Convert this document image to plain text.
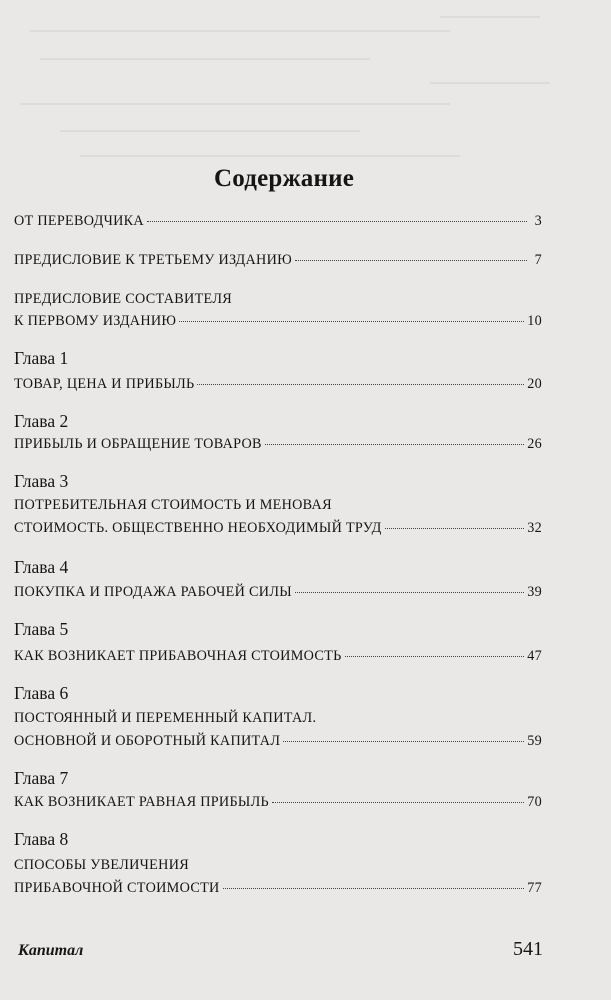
Содержание
ОТ ПЕРЕВОДЧИКА	3
ПРЕДИСЛОВИЕ К ТРЕТЬЕМУ ИЗДАНИЮ	7
ПРЕДИСЛОВИЕ СОСТАВИТЕЛЯ
К ПЕРВОМУ ИЗДАНИЮ	10
Глава 1
ТОВАР, ЦЕНА И ПРИБЫЛЬ	20
Глава 2
ПРИБЫЛЬ И ОБРАЩЕНИЕ ТОВАРОВ	26
Глава 3
ПОТРЕБИТЕЛЬНАЯ СТОИМОСТЬ И МЕНОВАЯ
СТОИМОСТЬ. ОБЩЕСТВЕННО НЕОБХОДИМЫЙ ТРУД	32
Глава 4
ПОКУПКА И ПРОДАЖА РАБОЧЕЙ СИЛЫ	39
Глава 5
КАК ВОЗНИКАЕТ ПРИБАВОЧНАЯ СТОИМОСТЬ	47
Глава 6
ПОСТОЯННЫЙ И ПЕРЕМЕННЫЙ КАПИТАЛ.
ОСНОВНОЙ И ОБОРОТНЫЙ КАПИТАЛ	59
Глава 7
КАК ВОЗНИКАЕТ РАВНАЯ ПРИБЫЛЬ	70
Глава 8
СПОСОБЫ УВЕЛИЧЕНИЯ
ПРИБАВОЧНОЙ СТОИМОСТИ	77
Капитал	541
